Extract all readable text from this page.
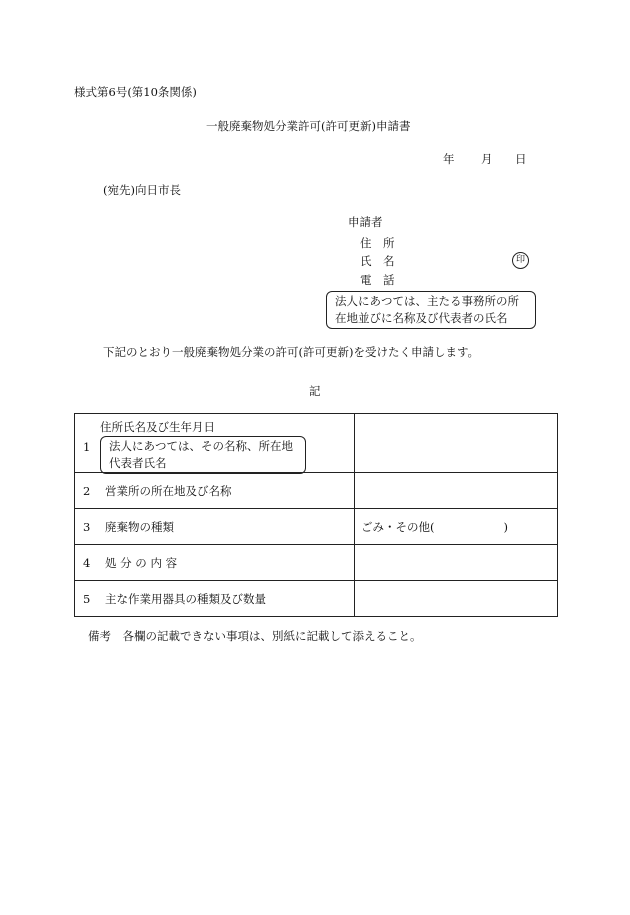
様式第6号(第10条関係)
一般廃棄物処分業許可(許可更新)申請書
年 月 日
(宛先)向日市長
申請者
住　所
氏　名	印
電　話
法人にあつては、主たる事務所の所
在地並びに名称及び代表者の氏名
下記のとおり一般廃棄物処分業の許可(許可更新)を受けたく申請します。
記
住所氏名及び生年月日
1 法人にあつては、その名称、所在地
代表者氏名	

2 営業所の所在地及び名称	
3 廃棄物の種類	ごみ・その他(　　　　　　)
4 処 分 の 内 容	
5 主な作業用器具の種類及び数量	
備考　各欄の記載できない事項は、別紙に記載して添えること。
